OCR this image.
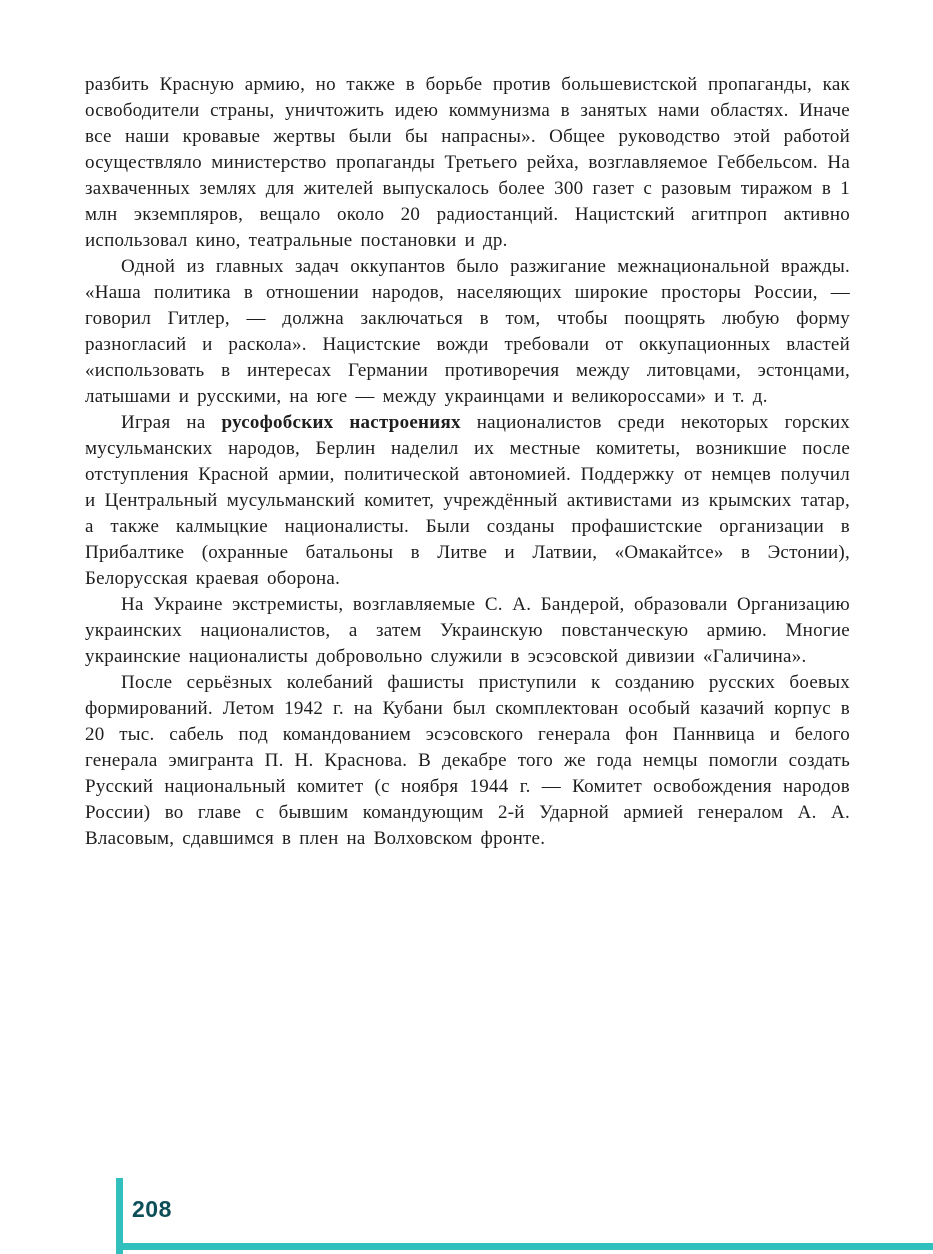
разбить Красную армию, но также в борьбе против большевистской пропаганды, как освободители страны, уничтожить идею коммунизма в занятых нами областях. Иначе все наши кровавые жертвы были бы напрасны». Общее руководство этой работой осуществляло министерство пропаганды Третьего рейха, возглавляемое Геббельсом. На захваченных землях для жителей выпускалось более 300 газет с разовым тиражом в 1 млн экземпляров, вещало около 20 радиостанций. Нацистский агитпроп активно использовал кино, театральные постановки и др.

Одной из главных задач оккупантов было разжигание межнациональной вражды. «Наша политика в отношении народов, населяющих широкие просторы России, — говорил Гитлер, — должна заключаться в том, чтобы поощрять любую форму разногласий и раскола». Нацистские вожди требовали от оккупационных властей «использовать в интересах Германии противоречия между литовцами, эстонцами, латышами и русскими, на юге — между украинцами и великороссами» и т. д.

Играя на русофобских настроениях националистов среди некоторых горских мусульманских народов, Берлин наделил их местные комитеты, возникшие после отступления Красной армии, политической автономией. Поддержку от немцев получил и Центральный мусульманский комитет, учреждённый активистами из крымских татар, а также калмыцкие националисты. Были созданы профашистские организации в Прибалтике (охранные батальоны в Литве и Латвии, «Омакайтсе» в Эстонии), Белорусская краевая оборона.

На Украине экстремисты, возглавляемые С. А. Бандерой, образовали Организацию украинских националистов, а затем Украинскую повстанческую армию. Многие украинские националисты добровольно служили в эсэсовской дивизии «Галичина».

После серьёзных колебаний фашисты приступили к созданию русских боевых формирований. Летом 1942 г. на Кубани был скомплектован особый казачий корпус в 20 тыс. сабель под командованием эсэсовского генерала фон Паннвица и белого генерала эмигранта П. Н. Краснова. В декабре того же года немцы помогли создать Русский национальный комитет (с ноября 1944 г. — Комитет освобождения народов России) во главе с бывшим командующим 2-й Ударной армией генералом А. А. Власовым, сдавшимся в плен на Волховском фронте.

208
